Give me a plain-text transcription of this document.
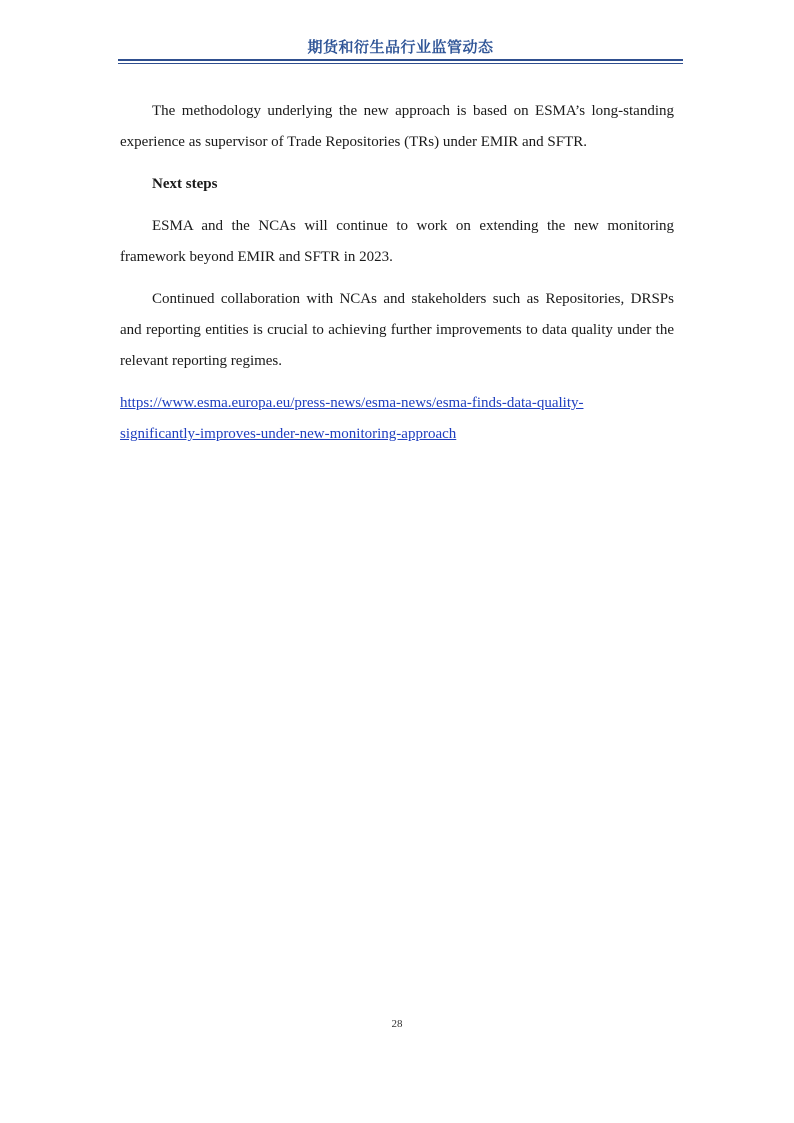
期货和衍生品行业监管动态

The methodology underlying the new approach is based on ESMA’s long-standing experience as supervisor of Trade Repositories (TRs) under EMIR and SFTR.

Next steps

ESMA and the NCAs will continue to work on extending the new monitoring framework beyond EMIR and SFTR in 2023.

Continued collaboration with NCAs and stakeholders such as Repositories, DRSPs and reporting entities is crucial to achieving further improvements to data quality under the relevant reporting regimes.

https://www.esma.europa.eu/press-news/esma-news/esma-finds-data-quality-
significantly-improves-under-new-monitoring-approach

28
